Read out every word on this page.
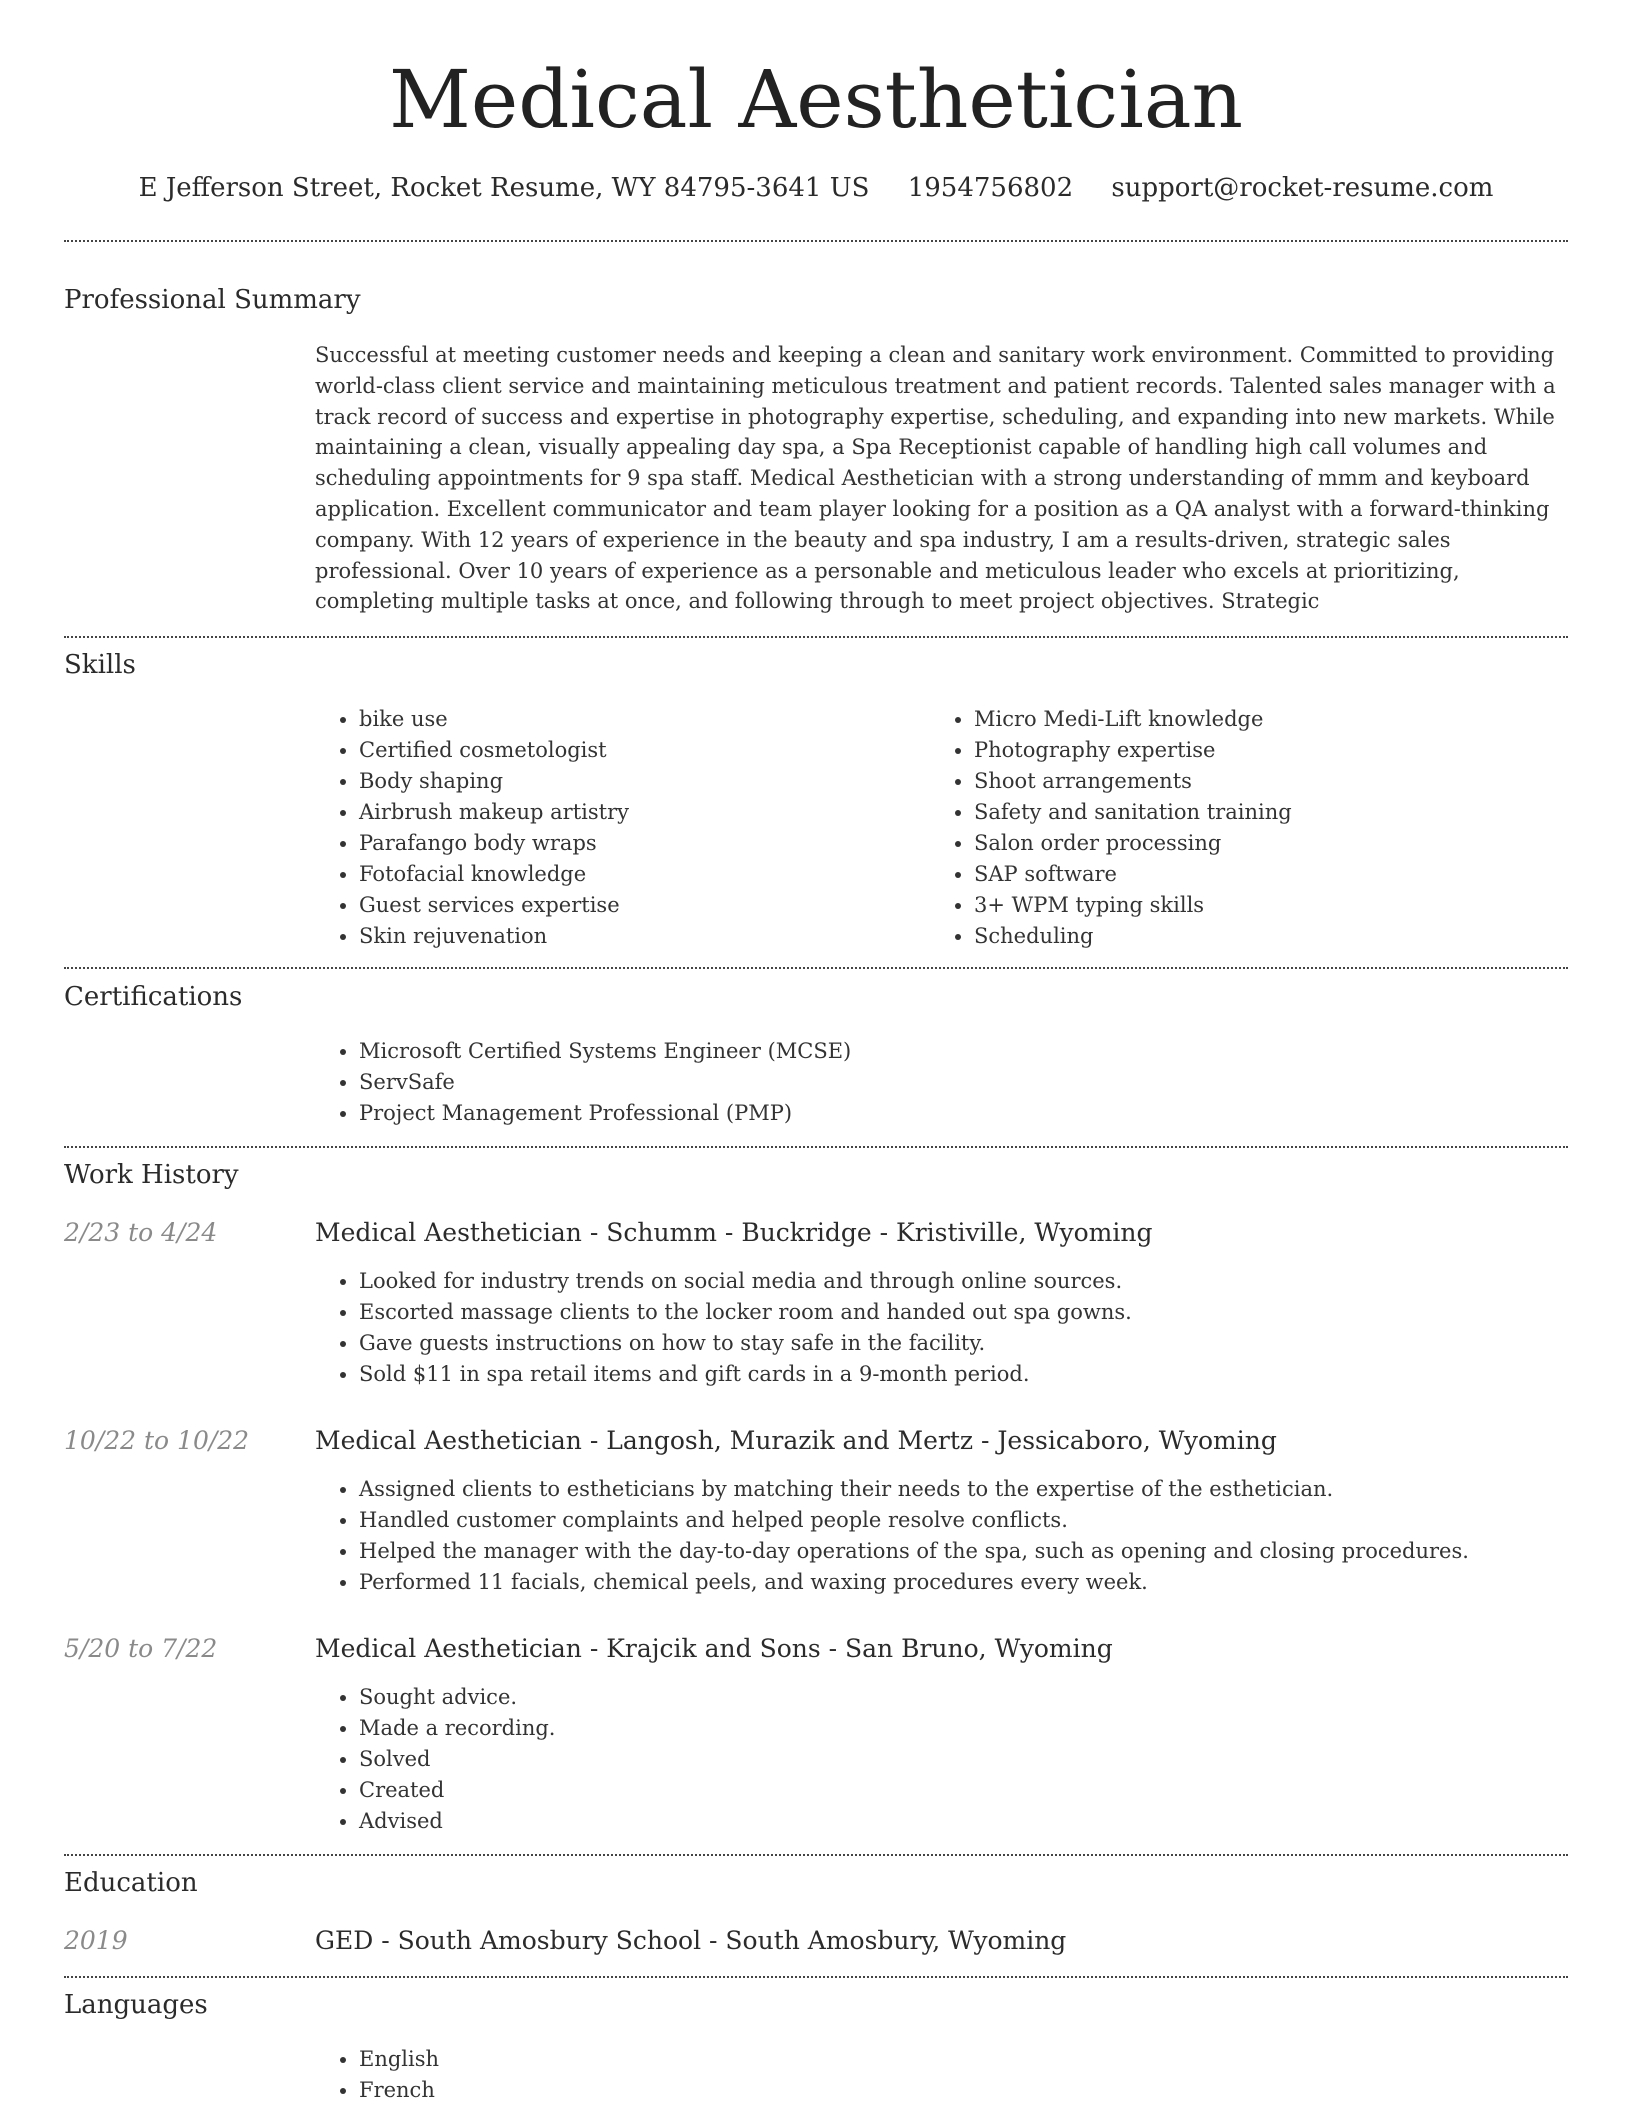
Medical Aesthetician
E Jefferson Street, Rocket Resume, WY 84795-3641 US 1954756802 support@rocket-resume.com
Professional Summary

Successful at meeting customer needs and keeping a clean and sanitary work environment. Committed to providing world-class client service and maintaining meticulous treatment and patient records. Talented sales manager with a track record of success and expertise in photography expertise, scheduling, and expanding into new markets. While maintaining a clean, visually appealing day spa, a Spa Receptionist capable of handling high call volumes and scheduling appointments for 9 spa staff. Medical Aesthetician with a strong understanding of mmm and keyboard application. Excellent communicator and team player looking for a position as a QA analyst with a forward-thinking company. With 12 years of experience in the beauty and spa industry, I am a results-driven, strategic sales professional. Over 10 years of experience as a personable and meticulous leader who excels at prioritizing, completing multiple tasks at once, and following through to meet project objectives. Strategic

Skills
• bike use
• Certified cosmetologist
• Body shaping
• Airbrush makeup artistry
• Parafango body wraps
• Fotofacial knowledge
• Guest services expertise
• Skin rejuvenation
• Micro Medi-Lift knowledge
• Photography expertise
• Shoot arrangements
• Safety and sanitation training
• Salon order processing
• SAP software
• 3+ WPM typing skills
• Scheduling
Certifications
• Microsoft Certified Systems Engineer (MCSE)
• ServSafe
• Project Management Professional (PMP)
Work History
2/23 to 4/24	Medical Aesthetician - Schumm - Buckridge - Kristiville, Wyoming
• Looked for industry trends on social media and through online sources.
• Escorted massage clients to the locker room and handed out spa gowns.
• Gave guests instructions on how to stay safe in the facility.
• Sold $11 in spa retail items and gift cards in a 9-month period.
10/22 to 10/22	Medical Aesthetician - Langosh, Murazik and Mertz - Jessicaboro, Wyoming
• Assigned clients to estheticians by matching their needs to the expertise of the esthetician.
• Handled customer complaints and helped people resolve conflicts.
• Helped the manager with the day-to-day operations of the spa, such as opening and closing procedures.
• Performed 11 facials, chemical peels, and waxing procedures every week.
5/20 to 7/22	Medical Aesthetician - Krajcik and Sons - San Bruno, Wyoming
• Sought advice.
• Made a recording.
• Solved
• Created
• Advised
Education
2019	GED - South Amosbury School - South Amosbury, Wyoming
Languages
• English
• French
